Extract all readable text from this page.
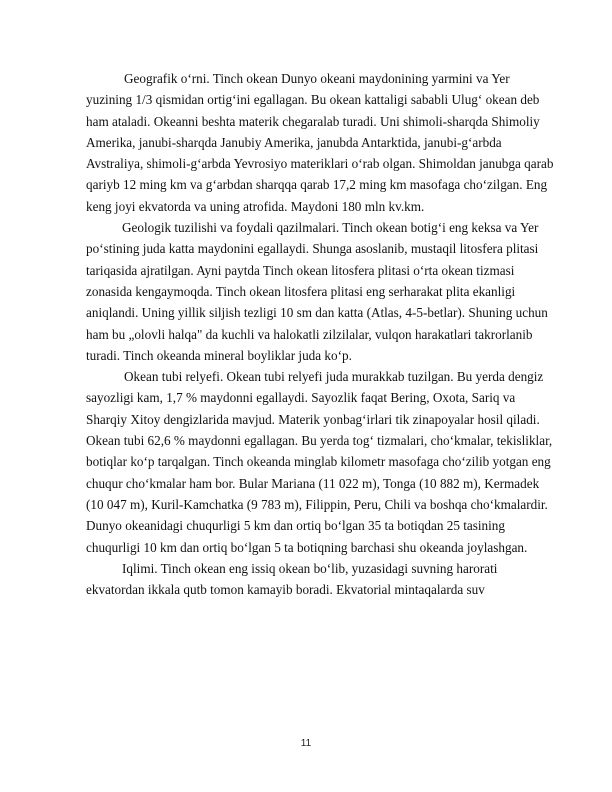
Geografik o‘rni. Tinch okean Dunyo okeani maydonining yarmini va Yer yuzining 1/3 qismidan ortig‘ini egallagan. Bu okean kattaligi sababli Ulug‘ okean deb ham ataladi. Okeanni beshta materik chegaralab turadi. Uni shimoli-sharqda Shimoliy Amerika, janubi-sharqda Janubiy Amerika, janubda Antarktida, janubi-g‘arbda Avstraliya, shimoli-g‘arbda Yevrosiyo materiklari o‘rab olgan. Shimoldan janubga qarab qariyb 12 ming km va g‘arbdan sharqqa qarab 17,2 ming km masofaga cho‘zilgan. Eng keng joyi ekvatorda va uning atrofida. Maydoni 180 mln kv.km.

Geologik tuzilishi va foydali qazilmalari. Tinch okean botig‘i eng keksa va Yer po‘stining juda katta maydonini egallaydi. Shunga asoslanib, mustaqil litosfera plitasi tariqasida ajratilgan. Ayni paytda Tinch okean litosfera plitasi o‘rta okean tizmasi zonasida kengaymoqda. Tinch okean litosfera plitasi eng serharakat plita ekanligi aniqlandi. Uning yillik siljish tezligi 10 sm dan katta (Atlas, 4-5-betlar). Shuning uchun ham bu „olovli halqa" da kuchli va halokatli zilzilalar, vulqon harakatlari takrorlanib turadi. Tinch okeanda mineral boyliklar juda ko‘p.

Okean tubi relyefi. Okean tubi relyefi juda murakkab tuzilgan. Bu yerda dengiz sayozligi kam, 1,7 % maydonni egallaydi. Sayozlik faqat Bering, Oxota, Sariq va Sharqiy Xitoy dengizlarida mavjud. Materik yonbag‘irlari tik zinapoyalar hosil qiladi. Okean tubi 62,6 % maydonni egallagan. Bu yerda tog‘ tizmalari, cho‘kmalar, tekisliklar, botiqlar ko‘p tarqalgan. Tinch okeanda minglab kilometr masofaga cho‘zilib yotgan eng chuqur cho‘kmalar ham bor. Bular Mariana (11 022 m), Tonga (10 882 m), Kermadek (10 047 m), Kuril-Kamchatka (9 783 m), Filippin, Peru, Chili va boshqa cho‘kmalardir. Dunyo okeanidagi chuqurligi 5 km dan ortiq bo‘lgan 35 ta botiqdan 25 tasining chuqurligi 10 km dan ortiq bo‘lgan 5 ta botiqning barchasi shu okeanda joylashgan.

Iqlimi. Tinch okean eng issiq okean bo‘lib, yuzasidagi suvning harorati ekvatordan ikkala qutb tomon kamayib boradi. Ekvatorial mintaqalarda suv

11
